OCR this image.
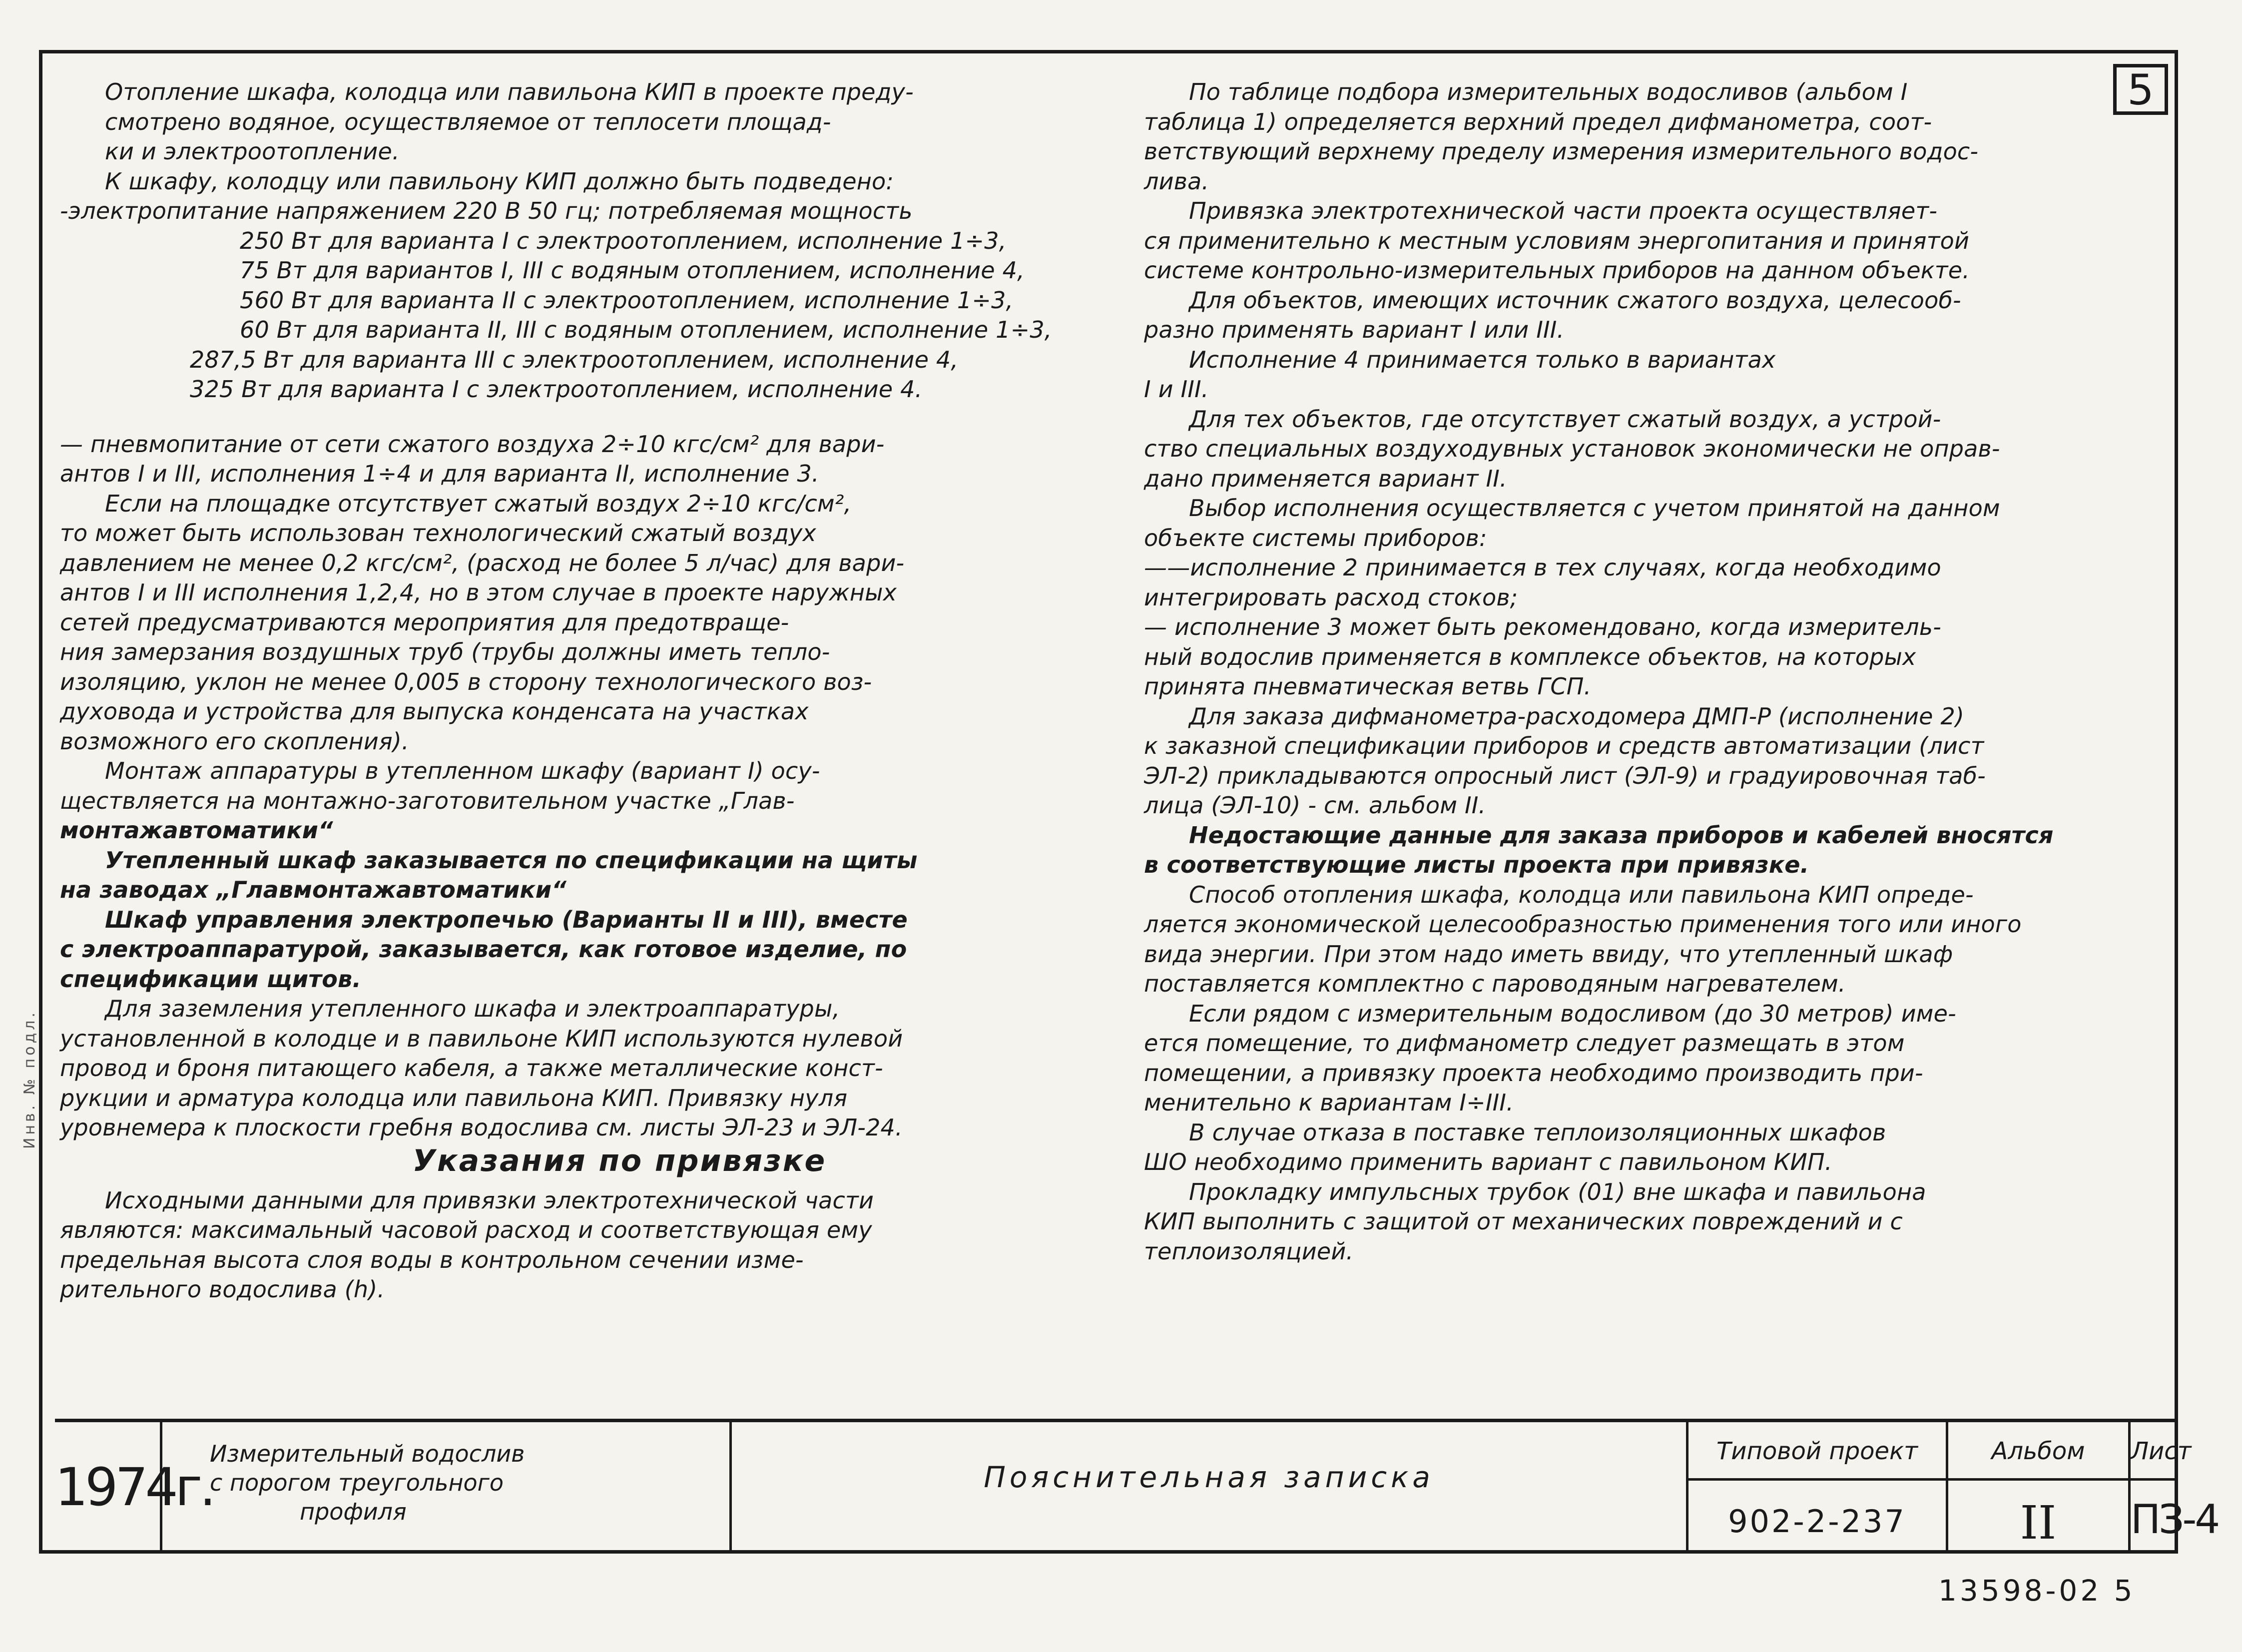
5
Инв. № подл.

Отопление шкафа, колодца или павильона КИП в проекте преду-

смотрено водяное, осуществляемое от теплосети площад-

ки и электроотопление.

К шкафу, колодцу или павильону КИП должно быть подведено:

-электропитание напряжением 220 В 50 гц; потребляемая мощность

250 Вт для варианта I с электроотоплением, исполнение 1÷3,

75 Вт для вариантов I, III с водяным отоплением, исполнение 4,

560 Вт для варианта II с электроотоплением, исполнение 1÷3,

60 Вт для варианта II, III с водяным отоплением, исполнение 1÷3,

287,5 Вт для варианта III с электроотоплением, исполнение 4,

325 Вт для варианта I с электроотоплением, исполнение 4.

— пневмопитание от сети сжатого воздуха 2÷10 кгс/см² для вари-

антов I и III, исполнения 1÷4 и для варианта II, исполнение 3.

Если на площадке отсутствует сжатый воздух 2÷10 кгс/см²,

то может быть использован технологический сжатый воздух

давлением не менее 0,2 кгс/см², (расход не более 5 л/час) для вари-

антов I и III исполнения 1,2,4, но в этом случае в проекте наружных

сетей предусматриваются мероприятия для предотвраще-

ния замерзания воздушных труб (трубы должны иметь тепло-

изоляцию, уклон не менее 0,005 в сторону технологического воз-

духовода и устройства для выпуска конденсата на участках

возможного его скопления).

Монтаж аппаратуры в утепленном шкафу (вариант I) осу-

ществляется на монтажно-заготовительном участке „Глав-

монтажавтоматики“

Утепленный шкаф заказывается по спецификации на щиты

на заводах „Главмонтажавтоматики“

Шкаф управления электропечью (Варианты II и III), вместе

с электроаппаратурой, заказывается, как готовое изделие, по

спецификации щитов.

Для заземления утепленного шкафа и электроаппаратуры,

установленной в колодце и в павильоне КИП используются нулевой

провод и броня питающего кабеля, а также металлические конст-

рукции и арматура колодца или павильона КИП. Привязку нуля

уровнемера к плоскости гребня водослива см. листы ЭЛ-23 и ЭЛ-24.

Указания по привязке

Исходными данными для привязки электротехнической части

являются: максимальный часовой расход и соответствующая ему

предельная высота слоя воды в контрольном сечении изме-

рительного водослива (h).

По таблице подбора измерительных водосливов (альбом I

таблица 1) определяется верхний предел дифманометра, соот-

ветствующий верхнему пределу измерения измерительного водос-

лива.

Привязка электротехнической части проекта осуществляет-

ся применительно к местным условиям энергопитания и принятой

системе контрольно-измерительных приборов на данном объекте.

Для объектов, имеющих источник сжатого воздуха, целесооб-

разно применять вариант I или III.

Исполнение 4 принимается только в вариантах

I и III.

Для тех объектов, где отсутствует сжатый воздух, а устрой-

ство специальных воздуходувных установок экономически не оправ-

дано применяется вариант II.

Выбор исполнения осуществляется с учетом принятой на данном

объекте системы приборов:

——исполнение 2 принимается в тех случаях, когда необходимо

интегрировать расход стоков;

— исполнение 3 может быть рекомендовано, когда измеритель-

ный водослив применяется в комплексе объектов, на которых

принята пневматическая ветвь ГСП.

Для заказа дифманометра-расходомера ДМП-Р (исполнение 2)

к заказной спецификации приборов и средств автоматизации (лист

ЭЛ-2) прикладываются опросный лист (ЭЛ-9) и градуировочная таб-

лица (ЭЛ-10) - см. альбом II.

Недостающие данные для заказа приборов и кабелей вносятся

в соответствующие листы проекта при привязке.

Способ отопления шкафа, колодца или павильона КИП опреде-

ляется экономической целесообразностью применения того или иного

вида энергии. При этом надо иметь ввиду, что утепленный шкаф

поставляется комплектно с пароводяным нагревателем.

Если рядом с измерительным водосливом (до 30 метров) име-

ется помещение, то дифманометр следует размещать в этом

помещении, а привязку проекта необходимо производить при-

менительно к вариантам I÷III.

В случае отказа в поставке теплоизоляционных шкафов

ШО необходимо применить вариант с павильоном КИП.

Прокладку импульсных трубок (01) вне шкафа и павильона

КИП выполнить с защитой от механических повреждений и с

теплоизоляцией.

1974г.
Измерительный водослив
с порогом треугольного
профиля
Пояснительная записка
Типовой проект
902-2-237
Альбом
II
Лист
ПЗ-4
13598-02 5
